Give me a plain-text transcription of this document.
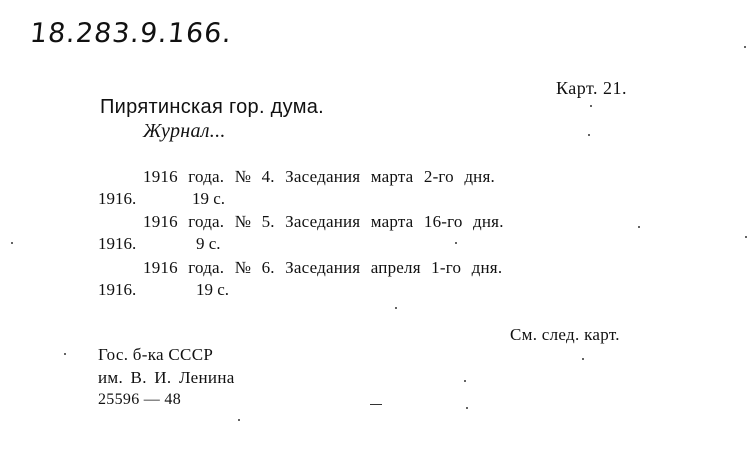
18.283.9.166.
Карт. 21.
Пирятинская гор. дума.
Журнал...
1916 года. № 4. Заседания марта 2-го дня.
1916.	19 с.
1916 года. № 5. Заседания марта 16-го дня.
1916.	9 с.
1916 года. № 6. Заседания апреля 1-го дня.
1916.	19 с.
См. след. карт.
Гос. б-ка СССР
им. В. И. Ленина
25596 — 48
